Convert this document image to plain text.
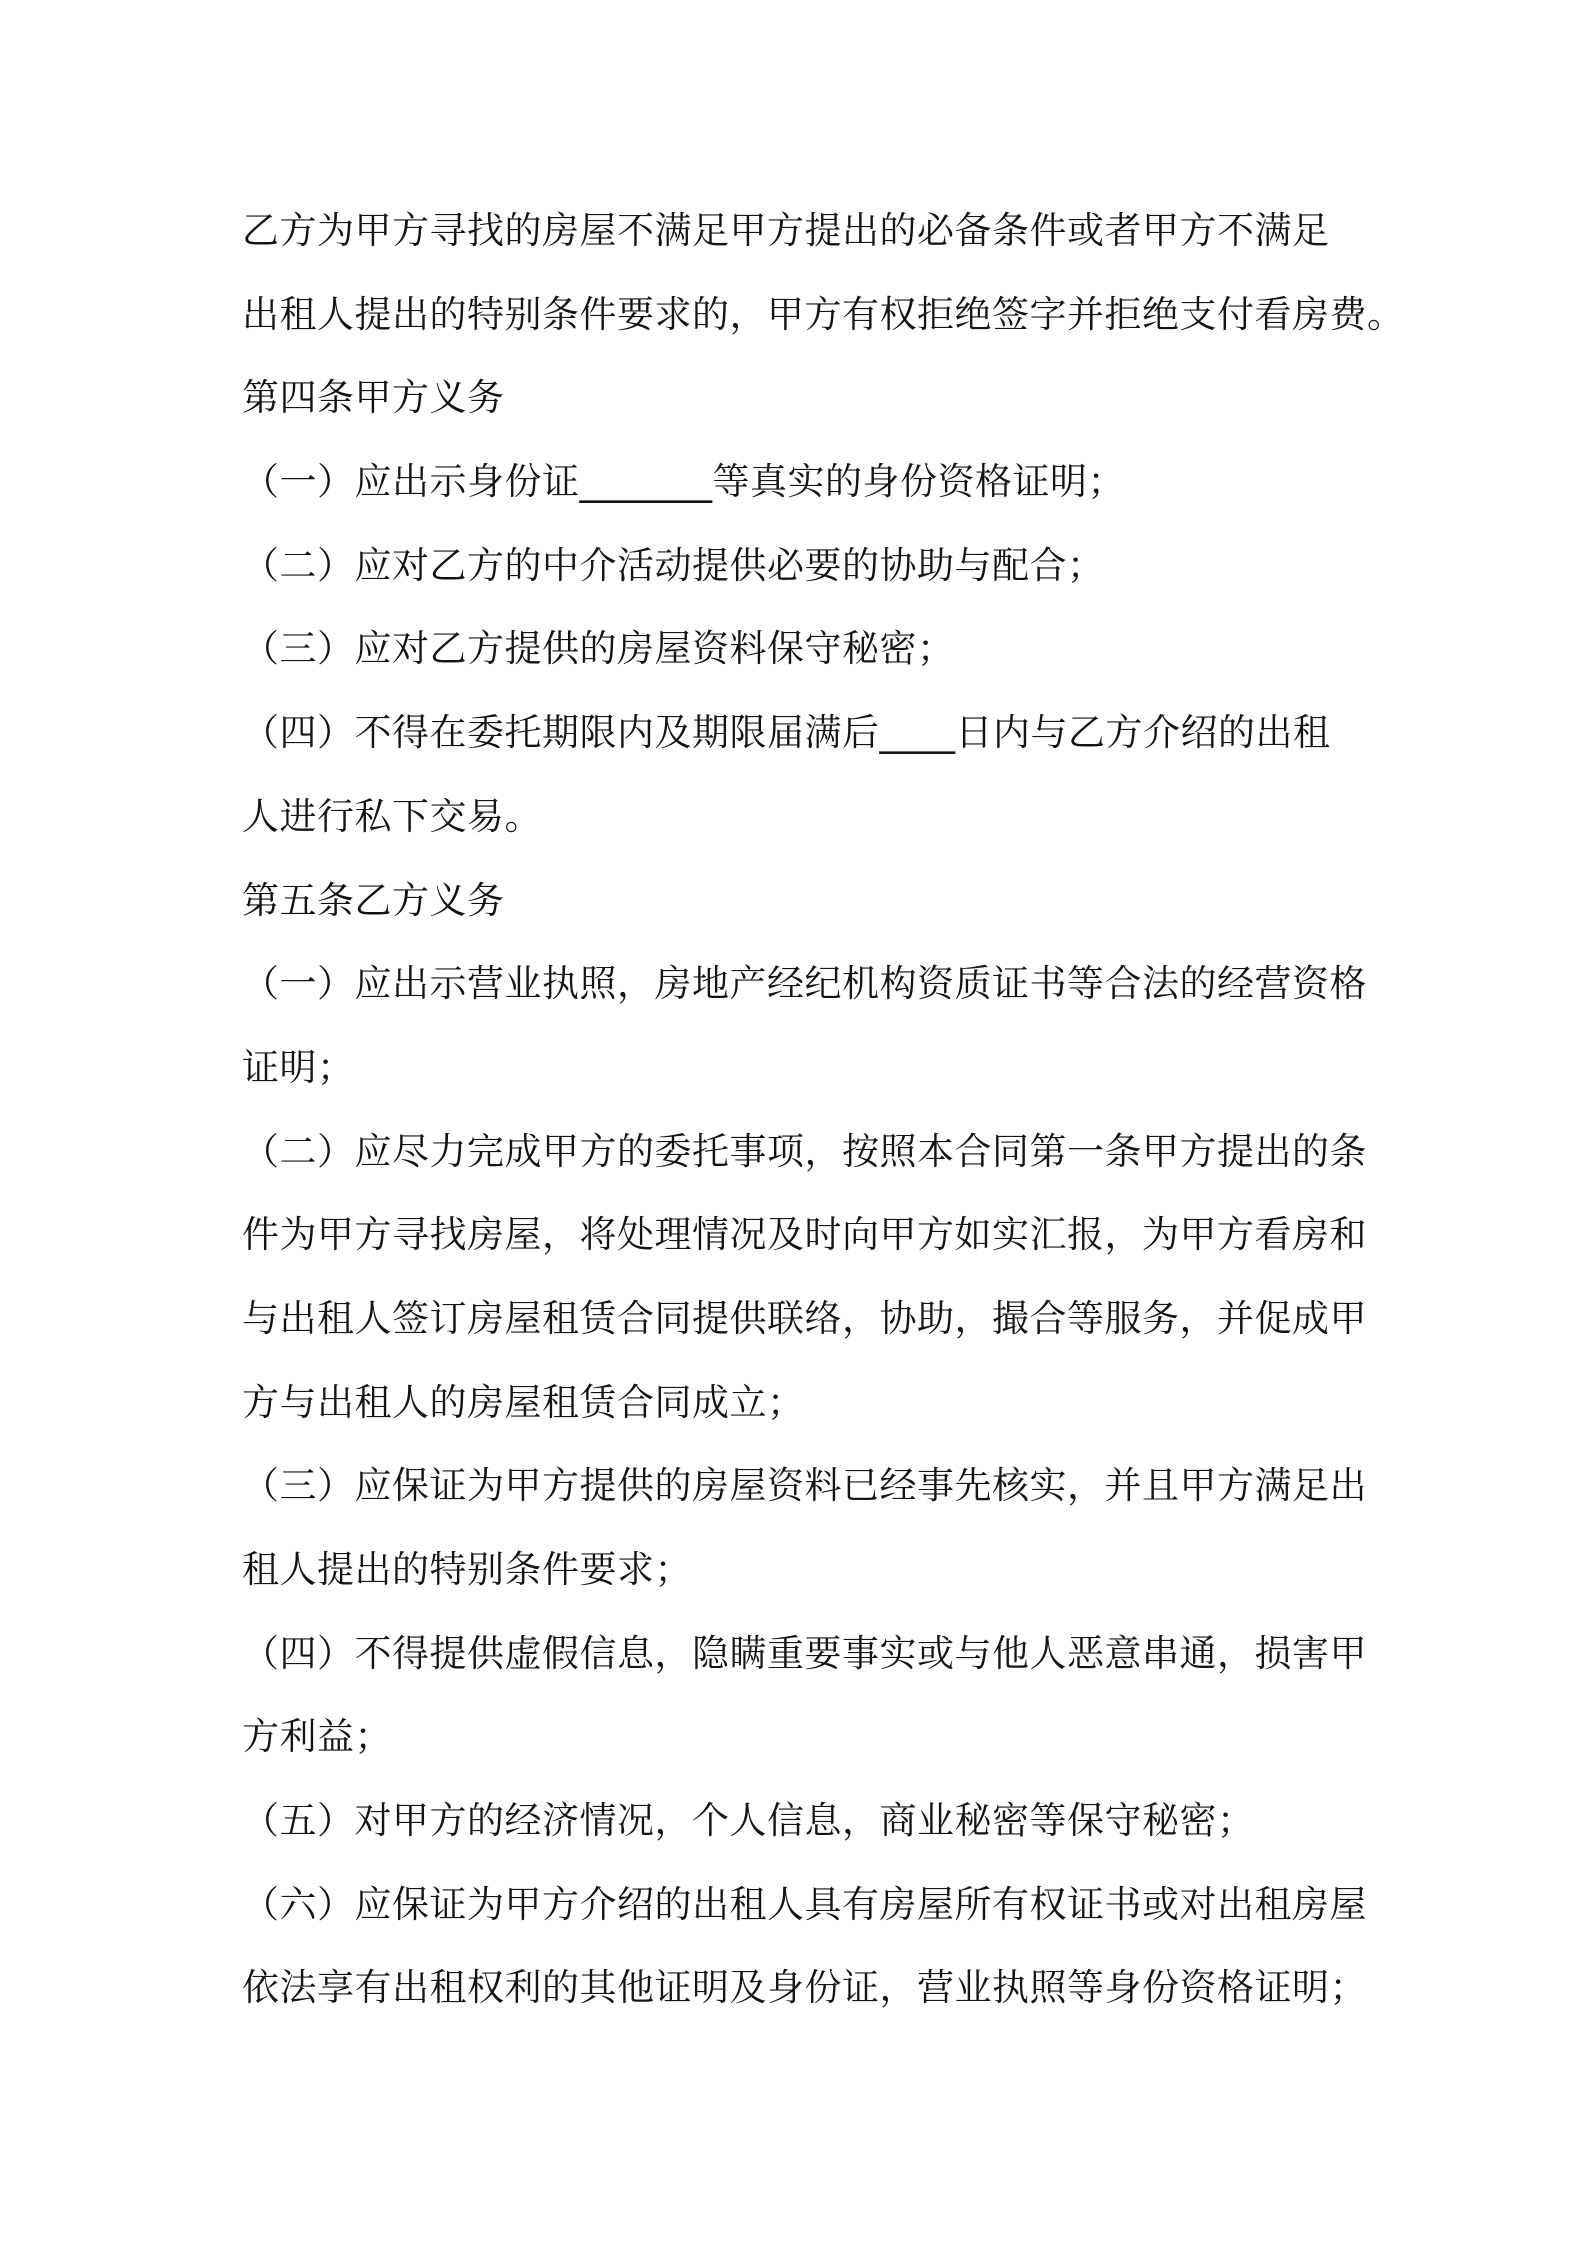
乙方为甲方寻找的房屋不满足甲方提出的必备条件或者甲方不满足
出租人提出的特别条件要求的，甲方有权拒绝签字并拒绝支付看房费。
第四条甲方义务
（一）应出示身份证_______等真实的身份资格证明；
（二）应对乙方的中介活动提供必要的协助与配合；
（三）应对乙方提供的房屋资料保守秘密；
（四）不得在委托期限内及期限届满后____日内与乙方介绍的出租
人进行私下交易。
第五条乙方义务
（一）应出示营业执照，房地产经纪机构资质证书等合法的经营资格
证明；
（二）应尽力完成甲方的委托事项，按照本合同第一条甲方提出的条
件为甲方寻找房屋，将处理情况及时向甲方如实汇报，为甲方看房和
与出租人签订房屋租赁合同提供联络，协助，撮合等服务，并促成甲
方与出租人的房屋租赁合同成立；
（三）应保证为甲方提供的房屋资料已经事先核实，并且甲方满足出
租人提出的特别条件要求；
（四）不得提供虚假信息，隐瞒重要事实或与他人恶意串通，损害甲
方利益；
（五）对甲方的经济情况，个人信息，商业秘密等保守秘密；
（六）应保证为甲方介绍的出租人具有房屋所有权证书或对出租房屋
依法享有出租权利的其他证明及身份证，营业执照等身份资格证明；
